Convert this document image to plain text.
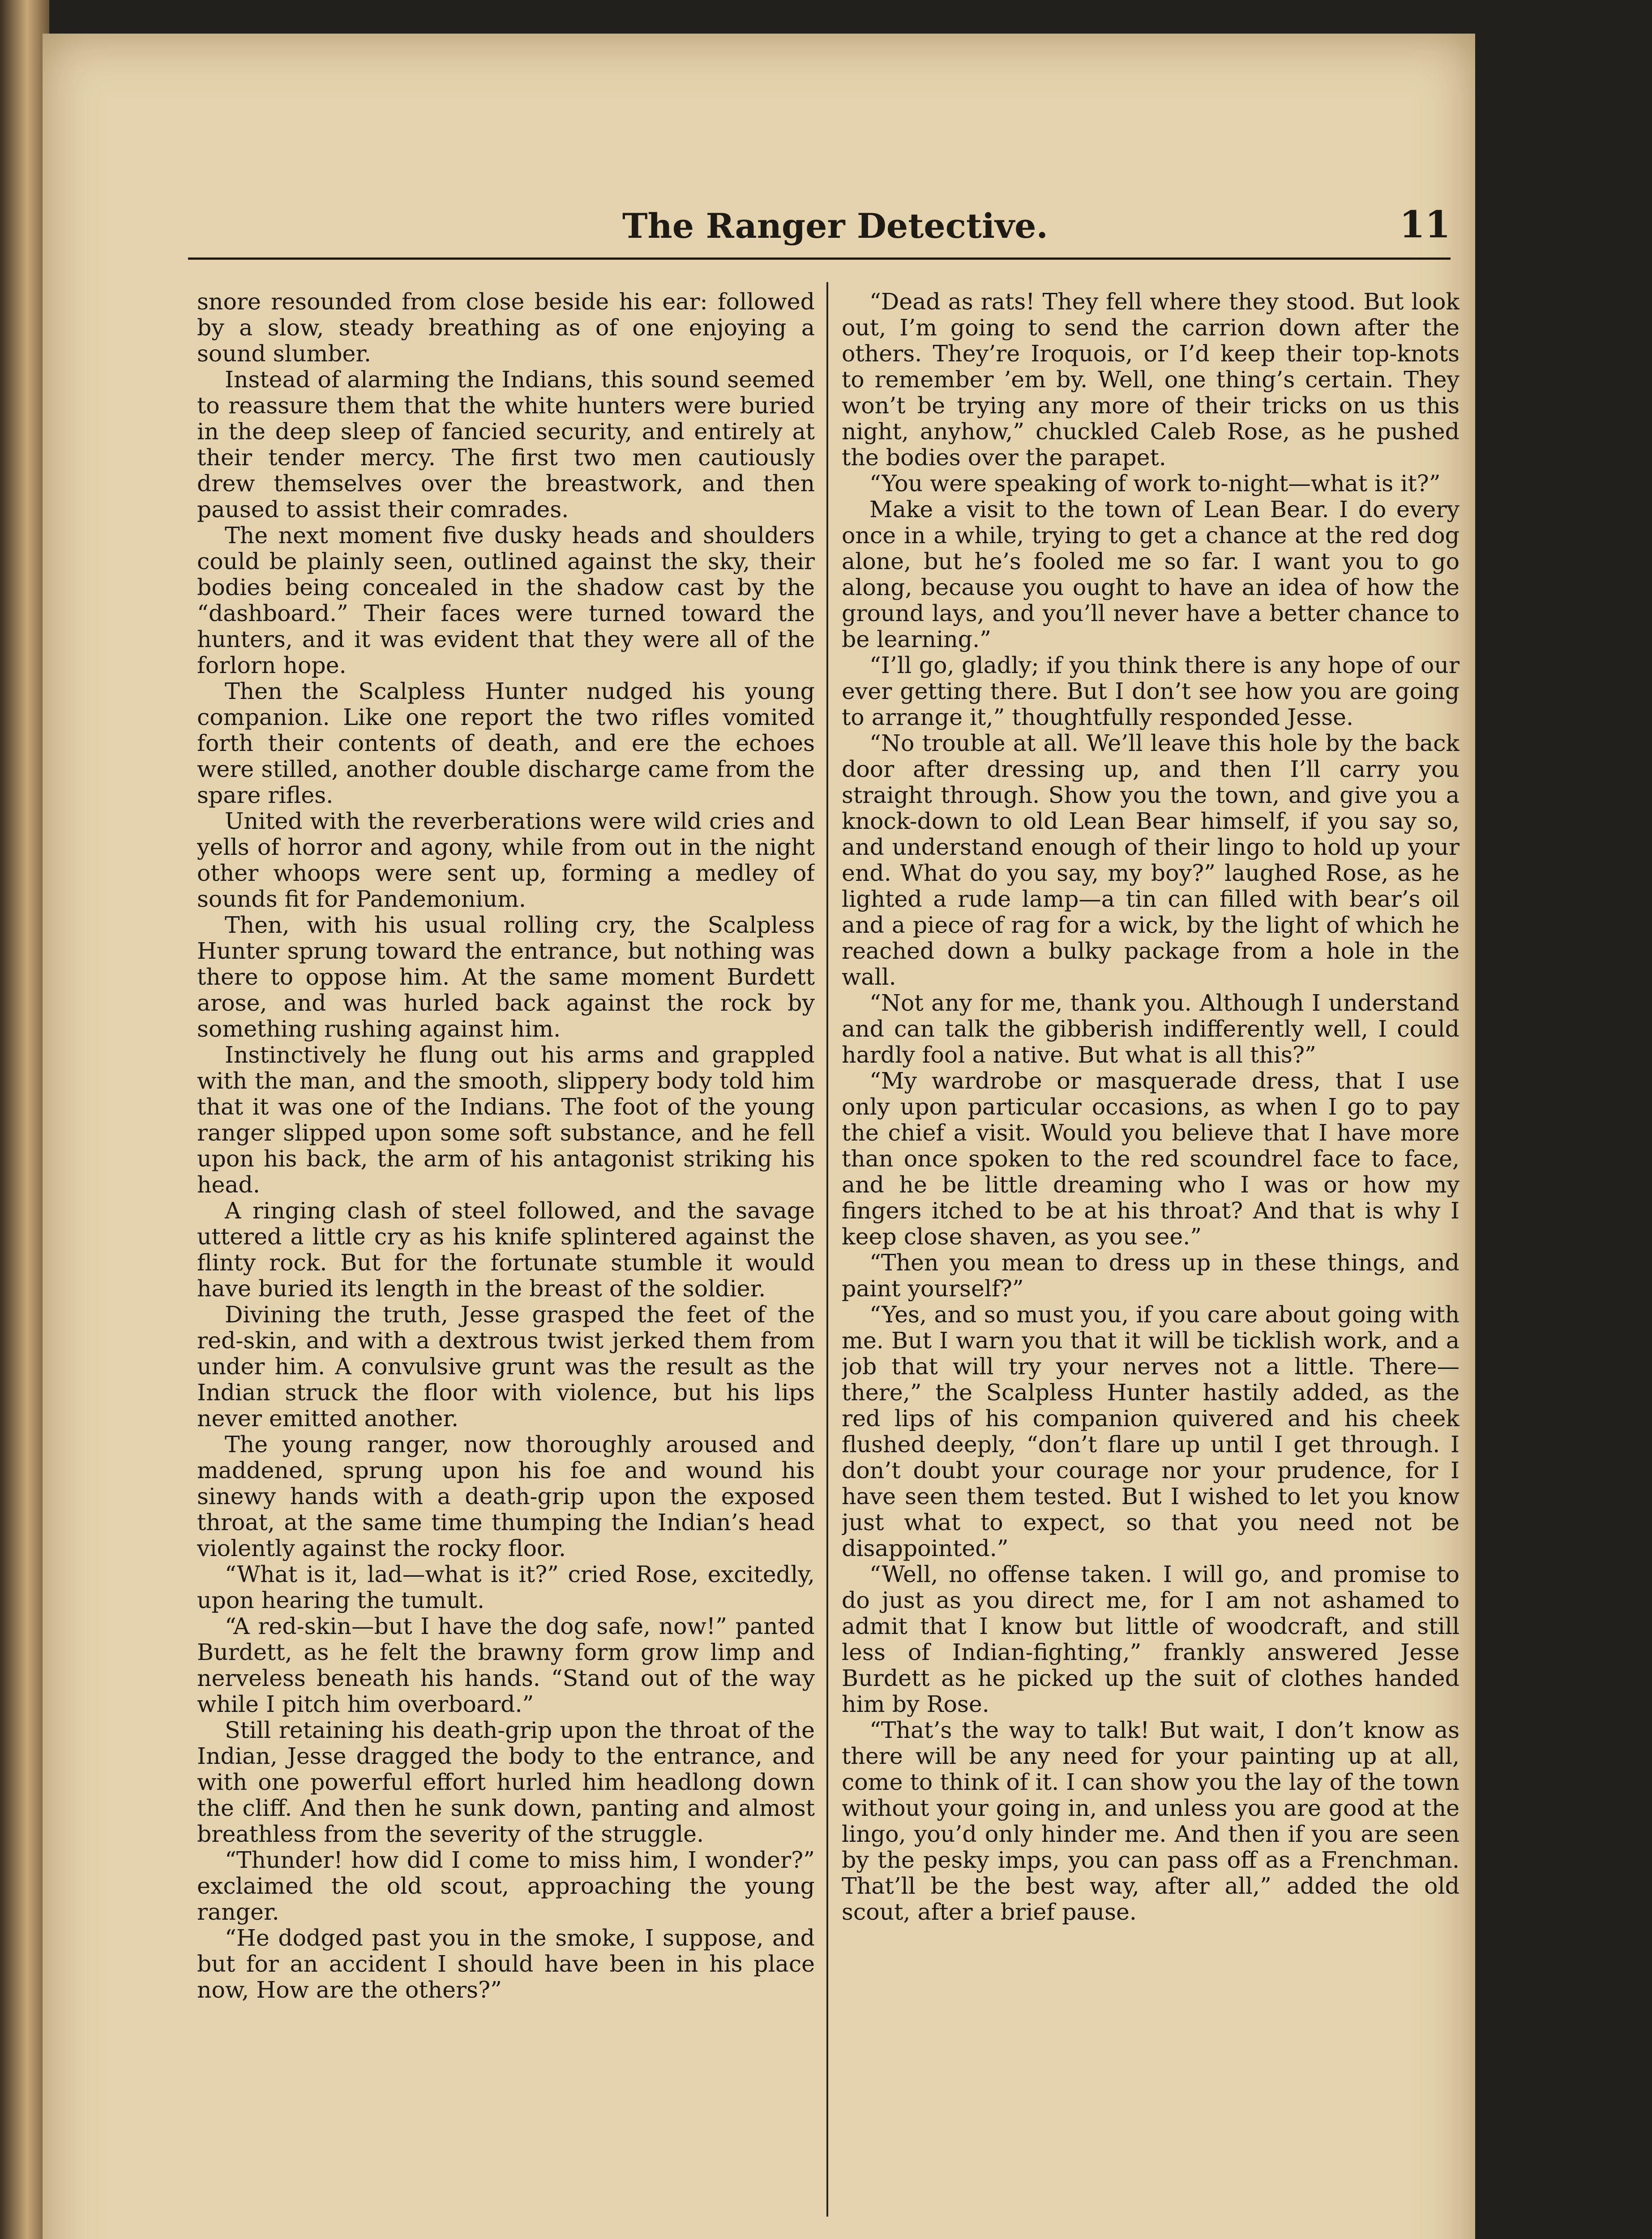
The Ranger Detective.	11

snore resounded from close beside his ear: followed by a slow, steady breathing as of one enjoying a sound slumber.

Instead of alarming the Indians, this sound seemed to reassure them that the white hunters were buried in the deep sleep of fancied security, and entirely at their tender mercy. The first two men cautiously drew themselves over the breastwork, and then paused to assist their comrades.

The next moment five dusky heads and shoulders could be plainly seen, outlined against the sky, their bodies being concealed in the shadow cast by the “dashboard.” Their faces were turned toward the hunters, and it was evident that they were all of the forlorn hope.

Then the Scalpless Hunter nudged his young companion. Like one report the two rifles vomited forth their contents of death, and ere the echoes were stilled, another double discharge came from the spare rifles.

United with the reverberations were wild cries and yells of horror and agony, while from out in the night other whoops were sent up, forming a medley of sounds fit for Pandemonium.

Then, with his usual rolling cry, the Scalpless Hunter sprung toward the entrance, but nothing was there to oppose him. At the same moment Burdett arose, and was hurled back against the rock by something rushing against him.

Instinctively he flung out his arms and grappled with the man, and the smooth, slippery body told him that it was one of the Indians. The foot of the young ranger slipped upon some soft substance, and he fell upon his back, the arm of his antagonist striking his head.

A ringing clash of steel followed, and the savage uttered a little cry as his knife splintered against the flinty rock. But for the fortunate stumble it would have buried its length in the breast of the soldier.

Divining the truth, Jesse grasped the feet of the red-skin, and with a dextrous twist jerked them from under him. A convulsive grunt was the result as the Indian struck the floor with violence, but his lips never emitted another.

The young ranger, now thoroughly aroused and maddened, sprung upon his foe and wound his sinewy hands with a death-grip upon the exposed throat, at the same time thumping the Indian’s head violently against the rocky floor.

“What is it, lad—what is it?” cried Rose, excitedly, upon hearing the tumult.

“A red-skin—but I have the dog safe, now!” panted Burdett, as he felt the brawny form grow limp and nerveless beneath his hands. “Stand out of the way while I pitch him overboard.”

Still retaining his death-grip upon the throat of the Indian, Jesse dragged the body to the entrance, and with one powerful effort hurled him headlong down the cliff. And then he sunk down, panting and almost breathless from the severity of the struggle.

“Thunder! how did I come to miss him, I wonder?” exclaimed the old scout, approaching the young ranger.

“He dodged past you in the smoke, I suppose, and but for an accident I should have been in his place now, How are the others?”

“Dead as rats! They fell where they stood. But look out, I’m going to send the carrion down after the others. They’re Iroquois, or I’d keep their top-knots to remember ’em by. Well, one thing’s certain. They won’t be trying any more of their tricks on us this night, anyhow,” chuckled Caleb Rose, as he pushed the bodies over the parapet.

“You were speaking of work to-night—what is it?”

Make a visit to the town of Lean Bear. I do every once in a while, trying to get a chance at the red dog alone, but he’s fooled me so far. I want you to go along, because you ought to have an idea of how the ground lays, and you’ll never have a better chance to be learning.”

“I’ll go, gladly; if you think there is any hope of our ever getting there. But I don’t see how you are going to arrange it,” thoughtfully responded Jesse.

“No trouble at all. We’ll leave this hole by the back door after dressing up, and then I’ll carry you straight through. Show you the town, and give you a knock-down to old Lean Bear himself, if you say so, and understand enough of their lingo to hold up your end. What do you say, my boy?” laughed Rose, as he lighted a rude lamp—a tin can filled with bear’s oil and a piece of rag for a wick, by the light of which he reached down a bulky package from a hole in the wall.

“Not any for me, thank you. Although I understand and can talk the gibberish indifferently well, I could hardly fool a native. But what is all this?”

“My wardrobe or masquerade dress, that I use only upon particular occasions, as when I go to pay the chief a visit. Would you believe that I have more than once spoken to the red scoundrel face to face, and he be little dreaming who I was or how my fingers itched to be at his throat? And that is why I keep close shaven, as you see.”

“Then you mean to dress up in these things, and paint yourself?”

“Yes, and so must you, if you care about going with me. But I warn you that it will be ticklish work, and a job that will try your nerves not a little. There—there,” the Scalpless Hunter hastily added, as the red lips of his companion quivered and his cheek flushed deeply, “don’t flare up until I get through. I don’t doubt your courage nor your prudence, for I have seen them tested. But I wished to let you know just what to expect, so that you need not be disappointed.”

“Well, no offense taken. I will go, and promise to do just as you direct me, for I am not ashamed to admit that I know but little of woodcraft, and still less of Indian-fighting,” frankly answered Jesse Burdett as he picked up the suit of clothes handed him by Rose.

“That’s the way to talk! But wait, I don’t know as there will be any need for your painting up at all, come to think of it. I can show you the lay of the town without your going in, and unless you are good at the lingo, you’d only hinder me. And then if you are seen by the pesky imps, you can pass off as a Frenchman. That’ll be the best way, after all,” added the old scout, after a brief pause.
